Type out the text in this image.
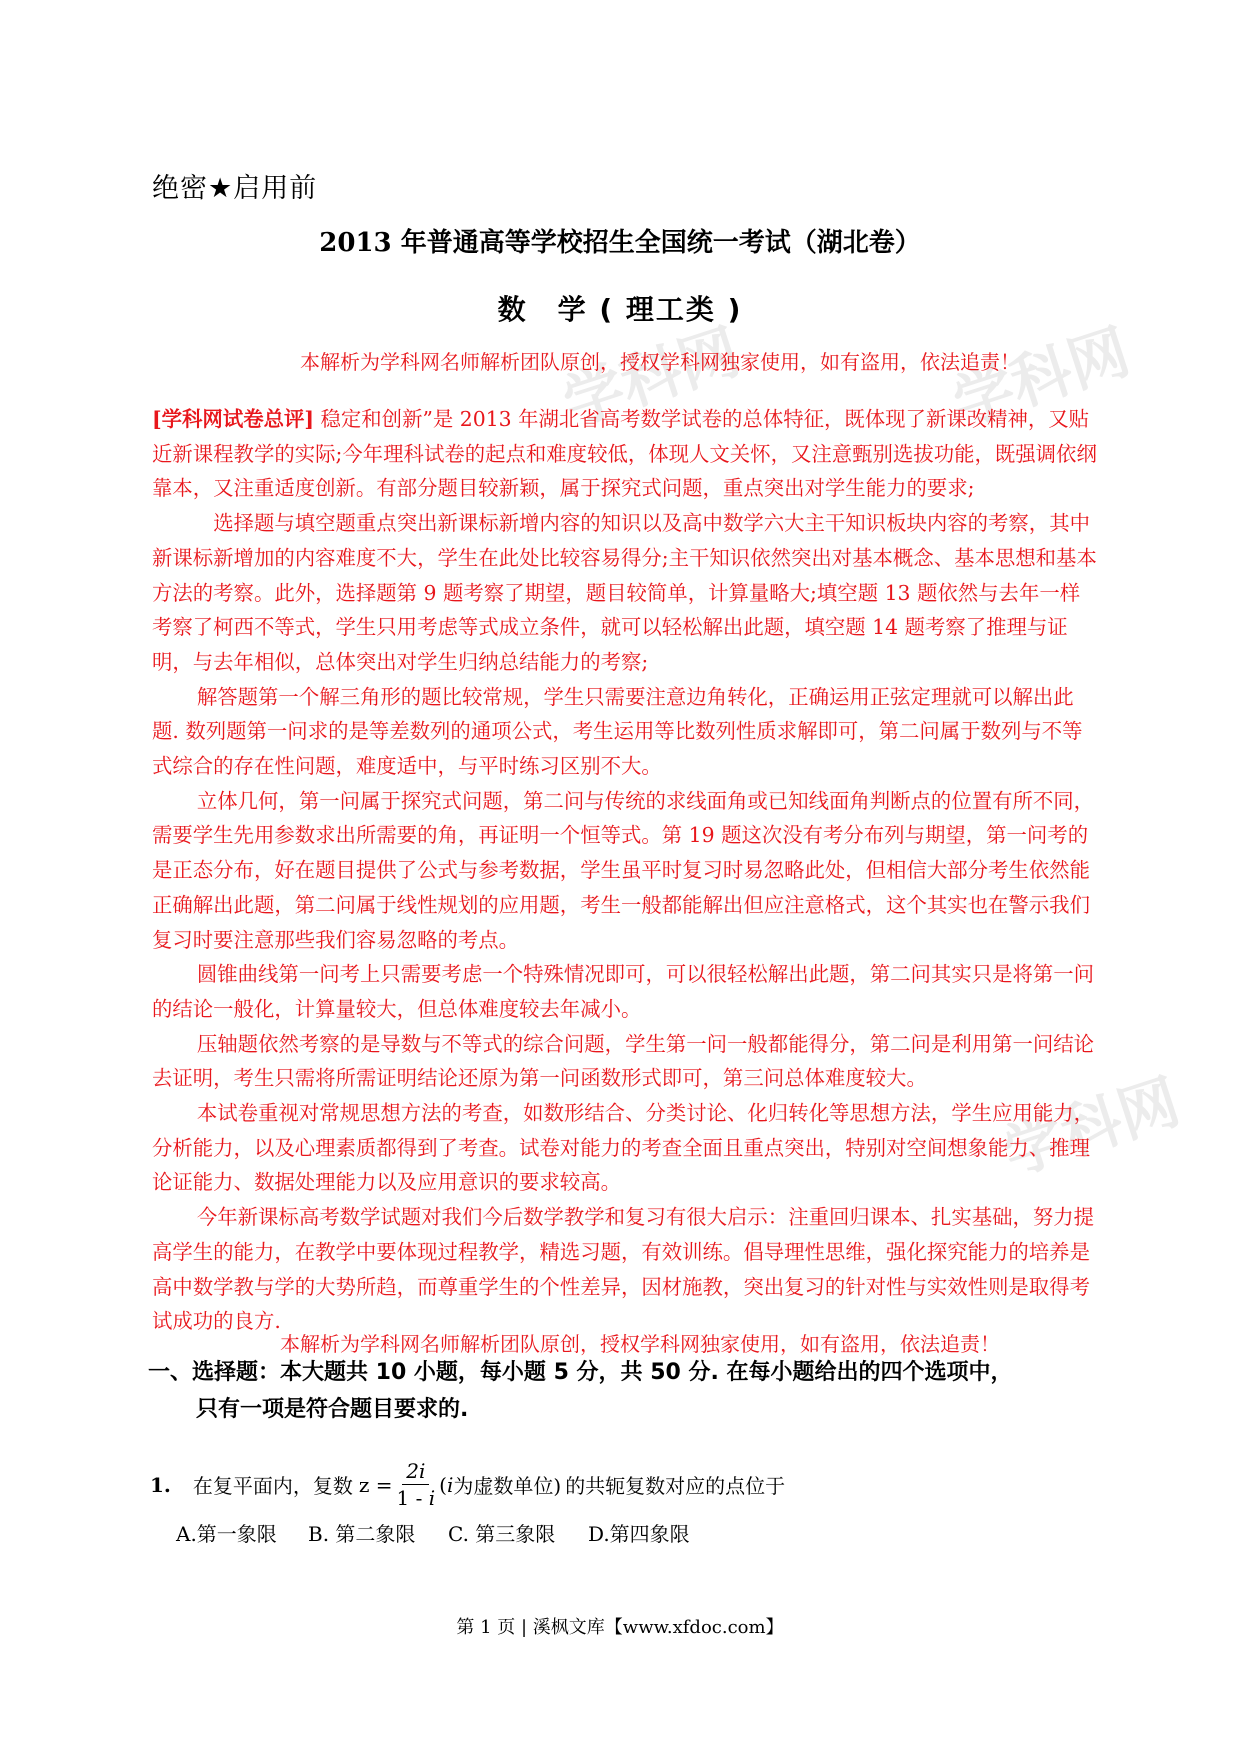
学科网	学科网
学科网
绝密★启用前
2013 年普通高等学校招生全国统一考试（湖北卷）
数　学 ( 理工类 )
本解析为学科网名师解析团队原创，授权学科网独家使用，如有盗用，依法追责！

[学科网试卷总评] 稳定和创新”是 2013 年湖北省高考数学试卷的总体特征，既体现了新课改精神，又贴近新课程教学的实际;今年理科试卷的起点和难度较低，体现人文关怀，又注意甄别选拔功能，既强调依纲靠本，又注重适度创新。有部分题目较新颖，属于探究式问题，重点突出对学生能力的要求;

选择题与填空题重点突出新课标新增内容的知识以及高中数学六大主干知识板块内容的考察，其中新课标新增加的内容难度不大，学生在此处比较容易得分;主干知识依然突出对基本概念、基本思想和基本方法的考察。此外，选择题第 9 题考察了期望，题目较简单，计算量略大;填空题 13 题依然与去年一样考察了柯西不等式，学生只用考虑等式成立条件，就可以轻松解出此题，填空题 14 题考察了推理与证明，与去年相似，总体突出对学生归纳总结能力的考察;

解答题第一个解三角形的题比较常规，学生只需要注意边角转化，正确运用正弦定理就可以解出此题. 数列题第一问求的是等差数列的通项公式，考生运用等比数列性质求解即可，第二问属于数列与不等式综合的存在性问题，难度适中，与平时练习区别不大。

立体几何，第一问属于探究式问题，第二问与传统的求线面角或已知线面角判断点的位置有所不同，需要学生先用参数求出所需要的角，再证明一个恒等式。第 19 题这次没有考分布列与期望，第一问考的是正态分布，好在题目提供了公式与参考数据，学生虽平时复习时易忽略此处，但相信大部分考生依然能正确解出此题，第二问属于线性规划的应用题，考生一般都能解出但应注意格式，这个其实也在警示我们复习时要注意那些我们容易忽略的考点。

圆锥曲线第一问考上只需要考虑一个特殊情况即可，可以很轻松解出此题，第二问其实只是将第一问的结论一般化，计算量较大，但总体难度较去年减小。

压轴题依然考察的是导数与不等式的综合问题，学生第一问一般都能得分，第二问是利用第一问结论去证明，考生只需将所需证明结论还原为第一问函数形式即可，第三问总体难度较大。

本试卷重视对常规思想方法的考查，如数形结合、分类讨论、化归转化等思想方法，学生应用能力，分析能力，以及心理素质都得到了考查。试卷对能力的考查全面且重点突出，特别对空间想象能力、推理论证能力、数据处理能力以及应用意识的要求较高。

今年新课标高考数学试题对我们今后数学教学和复习有很大启示：注重回归课本、扎实基础，努力提高学生的能力，在教学中要体现过程教学，精选习题，有效训练。倡导理性思维，强化探究能力的培养是高中数学教与学的大势所趋，而尊重学生的个性差异，因材施教，突出复习的针对性与实效性则是取得考试成功的良方.

本解析为学科网名师解析团队原创，授权学科网独家使用，如有盗用，依法追责！
一、选择题：本大题共 10 小题，每小题 5 分，共 50 分. 在每小题给出的四个选项中，
只有一项是符合题目要求的.
1. 在复平面内，复数 $z = \frac{2i}{1 - i}$ ( i 为虚数单位) 的共轭复数对应的点位于
A.第一象限	B. 第二象限	C. 第三象限	D.第四象限
第 1 页 | 溪枫文库【www.xfdoc.com】
